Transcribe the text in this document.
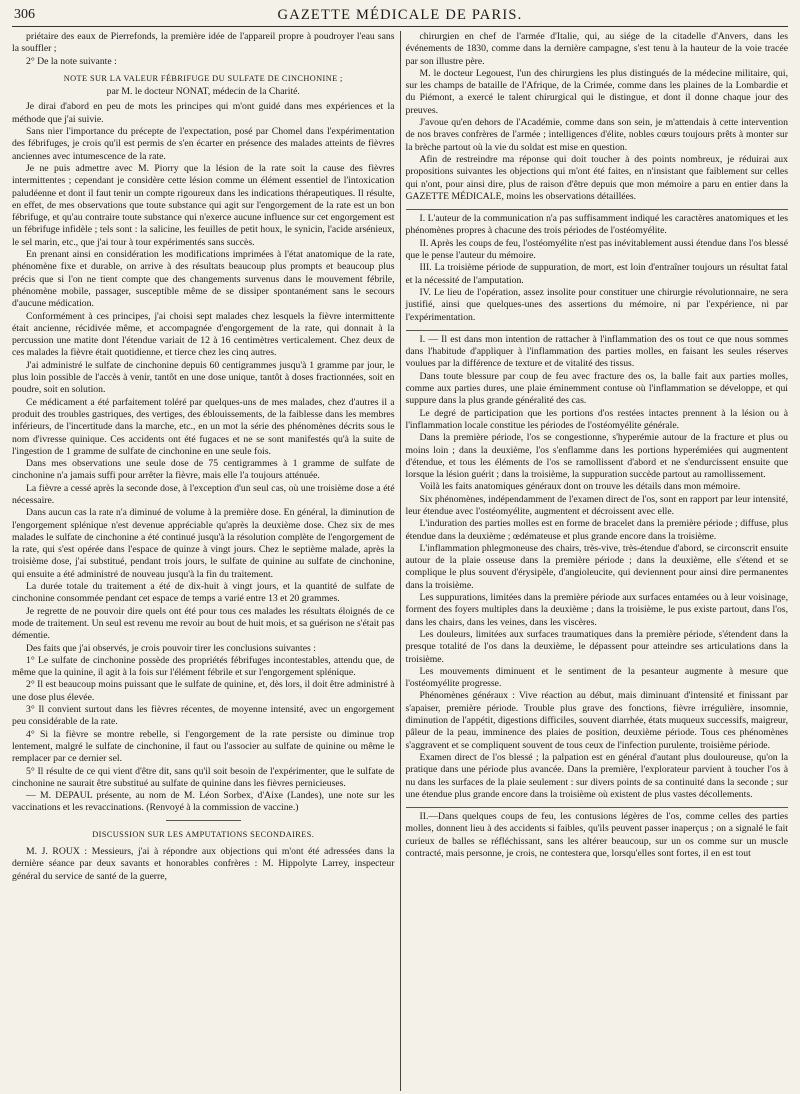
306	GAZETTE MÉDICALE DE PARIS.

priétaire des eaux de Pierrefonds, la première idée de l'appareil propre à poudroyer l'eau sans la souffler ;

2° De la note suivante :

NOTE SUR LA VALEUR FÉBRIFUGE DU SULFATE DE CINCHONINE ;

par M. le docteur NONAT, médecin de la Charité.

Je dirai d'abord en peu de mots les principes qui m'ont guidé dans mes expériences et la méthode que j'ai suivie.

Sans nier l'importance du précepte de l'expectation, posé par Chomel dans l'expérimentation des fébrifuges, je crois qu'il est permis de s'en écarter en présence des malades atteints de fièvres anciennes avec intumescence de la rate.

Je ne puis admettre avec M. Piorry que la lésion de la rate soit la cause des fièvres intermittentes ; cependant je considère cette lésion comme un élément essentiel de l'intoxication paludéenne et dont il faut tenir un compte rigoureux dans les indications thérapeutiques. Il résulte, en effet, de mes observations que toute substance qui agit sur l'engorgement de la rate est un bon fébrifuge, et qu'au contraire toute substance qui n'exerce aucune influence sur cet engorgement est un fébrifuge infidèle ; tels sont : la salicine, les feuilles de petit houx, le synicin, l'acide arsénieux, le sel marin, etc., que j'ai tour à tour expérimentés sans succès.

En prenant ainsi en considération les modifications imprimées à l'état anatomique de la rate, phénomène fixe et durable, on arrive à des résultats beaucoup plus prompts et beaucoup plus précis que si l'on ne tient compte que des changements survenus dans le mouvement fébrile, phénomène mobile, passager, susceptible même de se dissiper spontanément sans le secours d'aucune médication.

Conformément à ces principes, j'ai choisi sept malades chez lesquels la fièvre intermittente était ancienne, récidivée même, et accompagnée d'engorgement de la rate, qui donnait à la percussion une matite dont l'étendue variait de 12 à 16 centimètres verticalement. Chez deux de ces malades la fièvre était quotidienne, et tierce chez les cinq autres.

J'ai administré le sulfate de cinchonine depuis 60 centigrammes jusqu'à 1 gramme par jour, le plus loin possible de l'accès à venir, tantôt en une dose unique, tantôt à doses fractionnées, soit en poudre, soit en solution.

Ce médicament a été parfaitement toléré par quelques-uns de mes malades, chez d'autres il a produit des troubles gastriques, des vertiges, des éblouissements, de la faiblesse dans les membres inférieurs, de l'incertitude dans la marche, etc., en un mot la série des phénomènes décrits sous le nom d'ivresse quinique. Ces accidents ont été fugaces et ne se sont manifestés qu'à la suite de l'ingestion de 1 gramme de sulfate de cinchonine en une seule fois.

Dans mes observations une seule dose de 75 centigrammes à 1 gramme de sulfate de cinchonine n'a jamais suffi pour arrêter la fièvre, mais elle l'a toujours atténuée.

La fièvre a cessé après la seconde dose, à l'exception d'un seul cas, où une troisième dose a été nécessaire.

Dans aucun cas la rate n'a diminué de volume à la première dose. En général, la diminution de l'engorgement splénique n'est devenue appréciable qu'après la deuxième dose. Chez six de mes malades le sulfate de cinchonine a été continué jusqu'à la résolution complète de l'engorgement de la rate, qui s'est opérée dans l'espace de quinze à vingt jours. Chez le septième malade, après la troisième dose, j'ai substitué, pendant trois jours, le sulfate de quinine au sulfate de cinchonine, qui ensuite a été administré de nouveau jusqu'à la fin du traitement.

La durée totale du traitement a été de dix-huit à vingt jours, et la quantité de sulfate de cinchonine consommée pendant cet espace de temps a varié entre 13 et 20 grammes.

Je regrette de ne pouvoir dire quels ont été pour tous ces malades les résultats éloignés de ce mode de traitement. Un seul est revenu me revoir au bout de huit mois, et sa guérison ne s'était pas démentie.

Des faits que j'ai observés, je crois pouvoir tirer les conclusions suivantes :

1° Le sulfate de cinchonine possède des propriétés fébrifuges incontestables, attendu que, de même que la quinine, il agit à la fois sur l'élément fébrile et sur l'engorgement splénique.

2° Il est beaucoup moins puissant que le sulfate de quinine, et, dès lors, il doit être administré à une dose plus élevée.

3° Il convient surtout dans les fièvres récentes, de moyenne intensité, avec un engorgement peu considérable de la rate.

4° Si la fièvre se montre rebelle, si l'engorgement de la rate persiste ou diminue trop lentement, malgré le sulfate de cinchonine, il faut ou l'associer au sulfate de quinine ou même le remplacer par ce dernier sel.

5° Il résulte de ce qui vient d'être dit, sans qu'il soit besoin de l'expérimenter, que le sulfate de cinchonine ne saurait être substitué au sulfate de quinine dans les fièvres pernicieuses.

— M. DEPAUL présente, au nom de M. Léon Sorbex, d'Aixe (Landes), une note sur les vaccinations et les revaccinations. (Renvoyé à la commission de vaccine.)

DISCUSSION SUR LES AMPUTATIONS SECONDAIRES.

M. J. ROUX : Messieurs, j'ai à répondre aux objections qui m'ont été adressées dans la dernière séance par deux savants et honorables confrères : M. Hippolyte Larrey, inspecteur général du service de santé de la guerre,

chirurgien en chef de l'armée d'Italie, qui, au siége de la citadelle d'Anvers, dans les événements de 1830, comme dans la dernière campagne, s'est tenu à la hauteur de la voie tracée par son illustre père.

M. le docteur Legouest, l'un des chirurgiens les plus distingués de la médecine militaire, qui, sur les champs de bataille de l'Afrique, de la Crimée, comme dans les plaines de la Lombardie et du Piémont, a exercé le talent chirurgical qui le distingue, et dont il donne chaque jour des preuves.

J'avoue qu'en dehors de l'Académie, comme dans son sein, je m'attendais à cette intervention de nos braves confrères de l'armée ; intelligences d'élite, nobles cœurs toujours prêts à monter sur la brèche partout où la vie du soldat est mise en question.

Afin de restreindre ma réponse qui doit toucher à des points nombreux, je réduirai aux propositions suivantes les objections qui m'ont été faites, en n'insistant que faiblement sur celles qui n'ont, pour ainsi dire, plus de raison d'être depuis que mon mémoire a paru en entier dans la GAZETTE MÉDICALE, moins les observations détaillées.

I. L'auteur de la communication n'a pas suffisamment indiqué les caractères anatomiques et les phénomènes propres à chacune des trois périodes de l'ostéomyélite.

II. Après les coups de feu, l'ostéomyélite n'est pas inévitablement aussi étendue dans l'os blessé que le pense l'auteur du mémoire.

III. La troisième période de suppuration, de mort, est loin d'entraîner toujours un résultat fatal et la nécessité de l'amputation.

IV. Le lieu de l'opération, assez insolite pour constituer une chirurgie révolutionnaire, ne sera justifié, ainsi que quelques-unes des assertions du mémoire, ni par l'expérience, ni par l'expérimentation.

I. — Il est dans mon intention de rattacher à l'inflammation des os tout ce que nous sommes dans l'habitude d'appliquer à l'inflammation des parties molles, en faisant les seules réserves voulues par la différence de texture et de vitalité des tissus.

Dans toute blessure par coup de feu avec fracture des os, la balle fait aux parties molles, comme aux parties dures, une plaie éminemment contuse où l'inflammation se développe, et qui suppure dans la plus grande généralité des cas.

Le degré de participation que les portions d'os restées intactes prennent à la lésion ou à l'inflammation locale constitue les périodes de l'ostéomyélite générale.

Dans la première période, l'os se congestionne, s'hyperémie autour de la fracture et plus ou moins loin ; dans la deuxième, l'os s'enflamme dans les portions hyperémiées qui augmentent d'étendue, et tous les éléments de l'os se ramollissent d'abord et ne s'endurcissent ensuite que lorsque la lésion guérit ; dans la troisième, la suppuration succède partout au ramollissement.

Voilà les faits anatomiques généraux dont on trouve les détails dans mon mémoire.

Six phénomènes, indépendamment de l'examen direct de l'os, sont en rapport par leur intensité, leur étendue avec l'ostéomyélite, augmentent et décroissent avec elle.

L'induration des parties molles est en forme de bracelet dans la première période ; diffuse, plus étendue dans la deuxième ; œdémateuse et plus grande encore dans la troisième.

L'inflammation phlegmoneuse des chairs, très-vive, très-étendue d'abord, se circonscrit ensuite autour de la plaie osseuse dans la première période ; dans la deuxième, elle s'étend et se complique le plus souvent d'érysipèle, d'angioleucite, qui deviennent pour ainsi dire permanentes dans la troisième.

Les suppurations, limitées dans la première période aux surfaces entamées ou à leur voisinage, forment des foyers multiples dans la deuxième ; dans la troisième, le pus existe partout, dans l'os, dans les chairs, dans les veines, dans les viscères.

Les douleurs, limitées aux surfaces traumatiques dans la première période, s'étendent dans la presque totalité de l'os dans la deuxième, le dépassent pour atteindre ses articulations dans la troisième.

Les mouvements diminuent et le sentiment de la pesanteur augmente à mesure que l'ostéomyélite progresse.

Phénomènes généraux : Vive réaction au début, mais diminuant d'intensité et finissant par s'apaiser, première période. Trouble plus grave des fonctions, fièvre irrégulière, insomnie, diminution de l'appétit, digestions difficiles, souvent diarrhée, états muqueux successifs, maigreur, pâleur de la peau, imminence des plaies de position, deuxième période. Tous ces phénomènes s'aggravent et se compliquent souvent de tous ceux de l'infection purulente, troisième période.

Examen direct de l'os blessé ; la palpation est en général d'autant plus douloureuse, qu'on la pratique dans une période plus avancée. Dans la première, l'explorateur parvient à toucher l'os à nu dans les surfaces de la plaie seulement : sur divers points de sa continuité dans la seconde ; sur une étendue plus grande encore dans la troisième où existent de plus vastes décollements.

II.—Dans quelques coups de feu, les contusions légères de l'os, comme celles des parties molles, donnent lieu à des accidents si faibles, qu'ils peuvent passer inaperçus ; on a signalé le fait curieux de balles se réfléchissant, sans les altérer beaucoup, sur un os comme sur un muscle contracté, mais personne, je crois, ne contestera que, lorsqu'elles sont fortes, il en est tout
